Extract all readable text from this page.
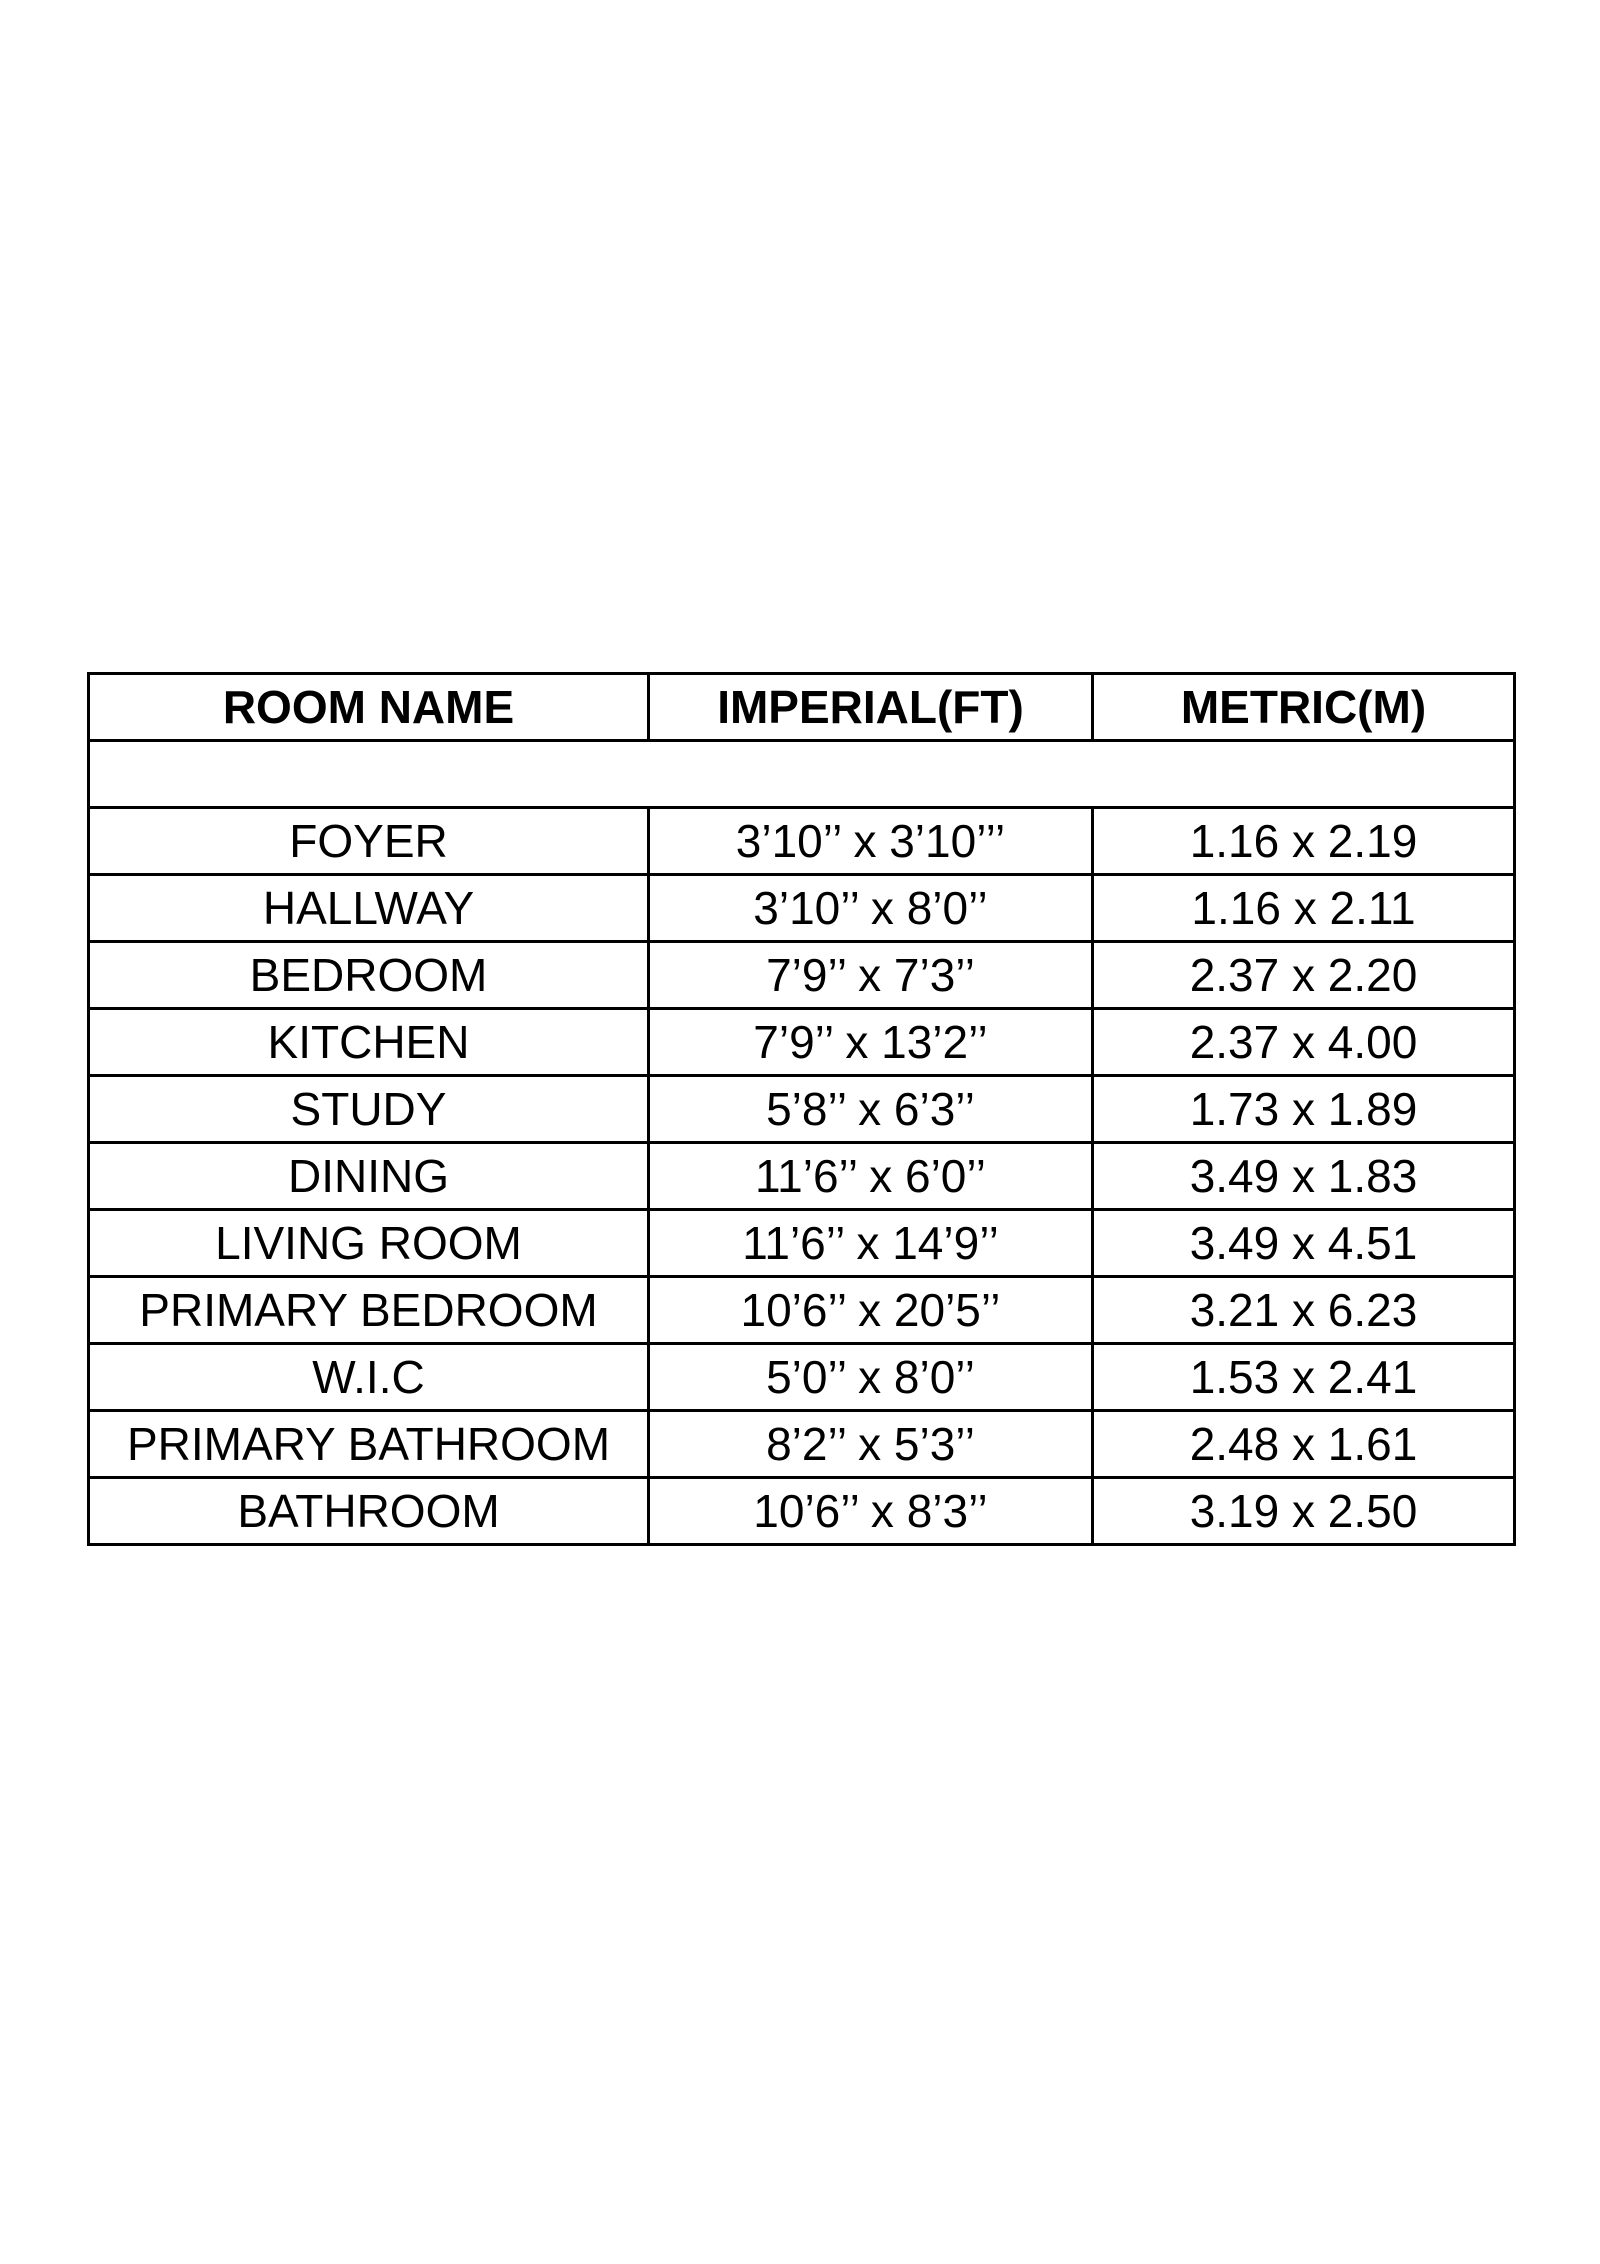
ROOM NAME	IMPERIAL(FT)	METRIC(M)

FOYER	3’10’’ x 3’10’’’	1.16 x 2.19
HALLWAY	3’10’’ x 8’0’’	1.16 x 2.11
BEDROOM	7’9’’ x 7’3’’	2.37 x 2.20
KITCHEN	7’9’’ x 13’2’’	2.37 x 4.00
STUDY	5’8’’ x 6’3’’	1.73 x 1.89
DINING	11’6’’ x 6’0’’	3.49 x 1.83
LIVING ROOM	11’6’’ x 14’9’’	3.49 x 4.51
PRIMARY BEDROOM	10’6’’ x 20’5’’	3.21 x 6.23
W.I.C	5’0’’ x 8’0’’	1.53 x 2.41
PRIMARY BATHROOM	8’2’’ x 5’3’’	2.48 x 1.61
BATHROOM	10’6’’ x 8’3’’	3.19 x 2.50
